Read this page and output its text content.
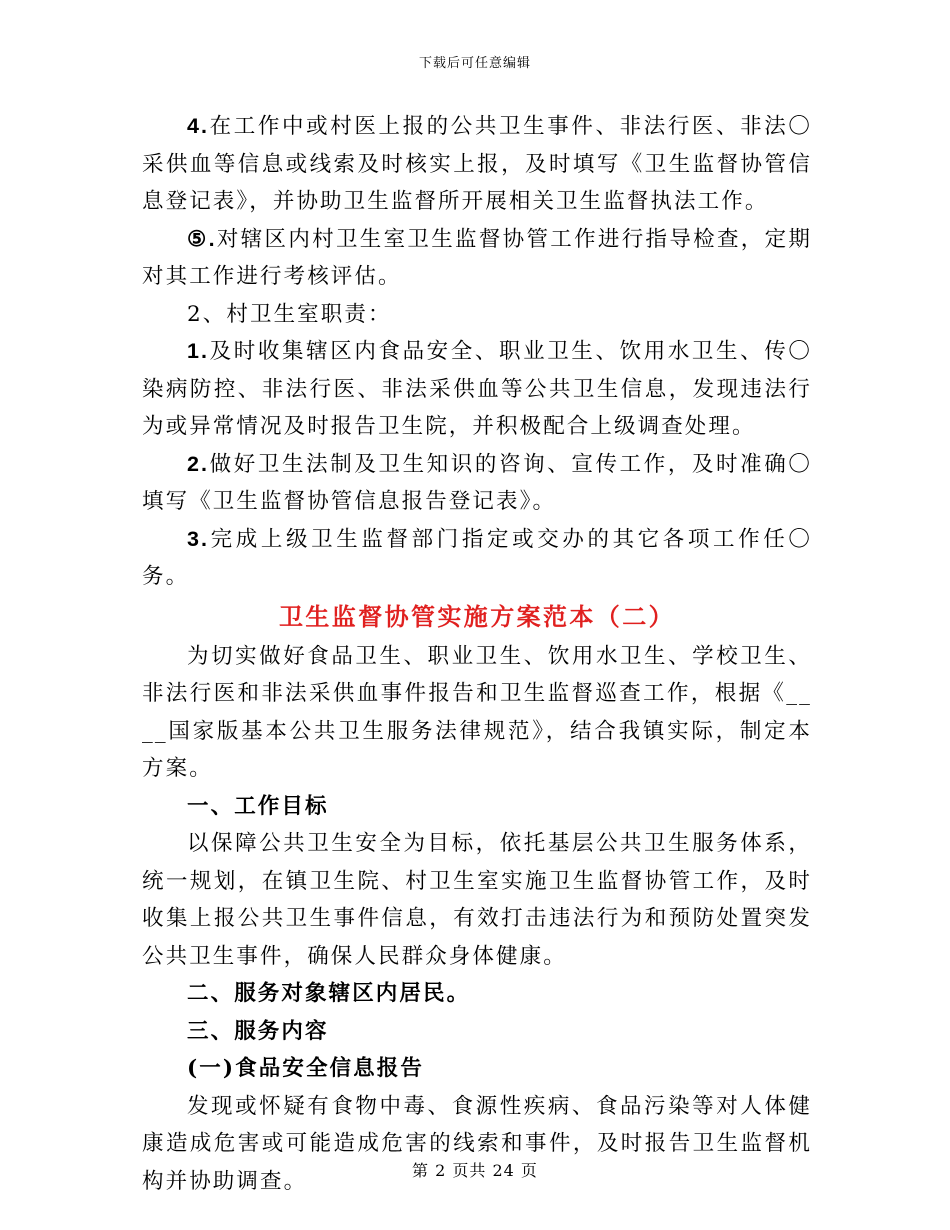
下载后可任意编辑

4.在工作中或村医上报的公共卫生事件、非法行医、非法〇采供血等信息或线索及时核实上报，及时填写《卫生监督协管信息登记表》，并协助卫生监督所开展相关卫生监督执法工作。

⑤.对辖区内村卫生室卫生监督协管工作进行指导检查，定期对其工作进行考核评估。

2、村卫生室职责：

1.及时收集辖区内食品安全、职业卫生、饮用水卫生、传〇染病防控、非法行医、非法采供血等公共卫生信息，发现违法行为或异常情况及时报告卫生院，并积极配合上级调查处理。

2.做好卫生法制及卫生知识的咨询、宣传工作，及时准确〇填写《卫生监督协管信息报告登记表》。

3.完成上级卫生监督部门指定或交办的其它各项工作任〇务。

卫生监督协管实施方案范本（二）

为切实做好食品卫生、职业卫生、饮用水卫生、学校卫生、非法行医和非法采供血事件报告和卫生监督巡查工作，根据《____国家版基本公共卫生服务法律规范》，结合我镇实际，制定本方案。

一、工作目标

以保障公共卫生安全为目标，依托基层公共卫生服务体系，统一规划，在镇卫生院、村卫生室实施卫生监督协管工作，及时收集上报公共卫生事件信息，有效打击违法行为和预防处置突发公共卫生事件，确保人民群众身体健康。

二、服务对象辖区内居民。

三、服务内容

(一)食品安全信息报告

发现或怀疑有食物中毒、食源性疾病、食品污染等对人体健康造成危害或可能造成危害的线索和事件，及时报告卫生监督机构并协助调查。	第 2 页共 24 页
